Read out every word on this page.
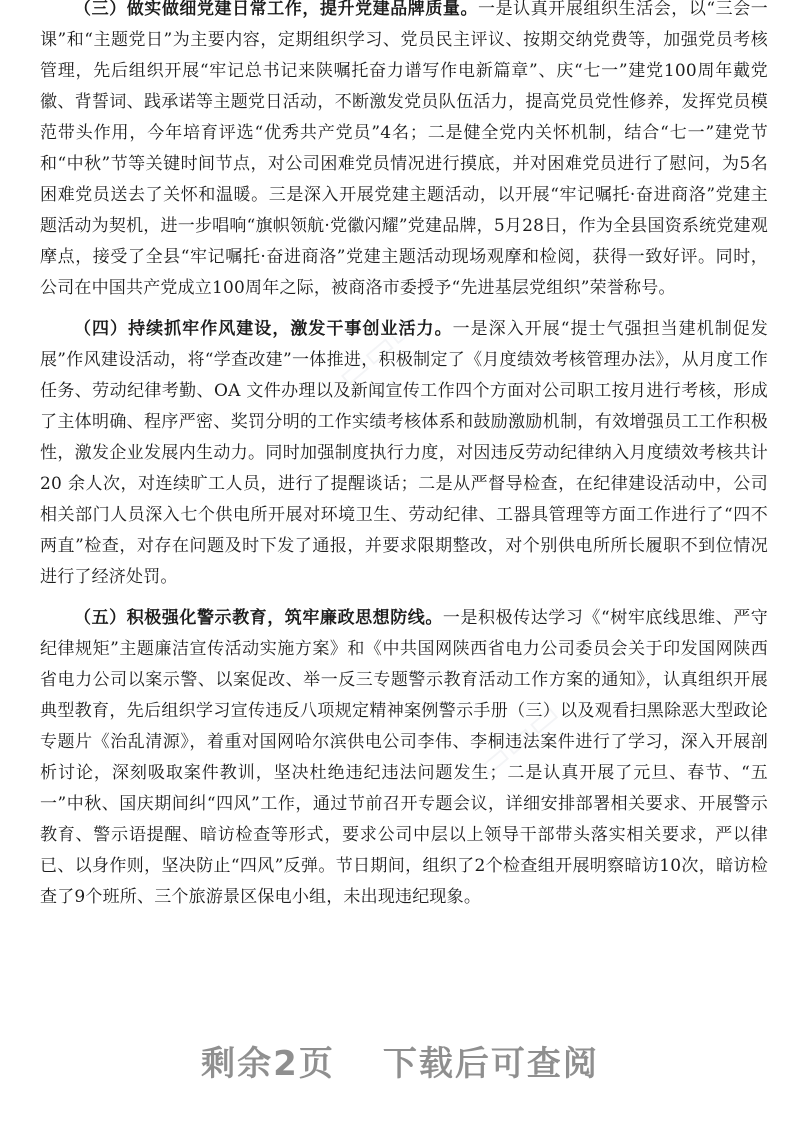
▭▭▭
▭▭▭

（三）做实做细党建日常工作，提升党建品牌质量。一是认真开展组织生活会，以“三会一课”和“主题党日”为主要内容，定期组织学习、党员民主评议、按期交纳党费等，加强党员考核管理，先后组织开展“牢记总书记来陕嘱托奋力谱写作电新篇章”、庆“七一”建党100周年戴党徽、背誓词、践承诺等主题党日活动，不断激发党员队伍活力，提高党员党性修养，发挥党员模范带头作用，今年培育评选“优秀共产党员”4名；二是健全党内关怀机制，结合“七一”建党节和“中秋”节等关键时间节点，对公司困难党员情况进行摸底，并对困难党员进行了慰问，为5名困难党员送去了关怀和温暖。三是深入开展党建主题活动，以开展“牢记嘱托·奋进商洛”党建主题活动为契机，进一步唱响“旗帜领航·党徽闪耀”党建品牌，5月28日，作为全县国资系统党建观摩点，接受了全县“牢记嘱托·奋进商洛”党建主题活动现场观摩和检阅，获得一致好评。同时，公司在中国共产党成立100周年之际，被商洛市委授予“先进基层党组织”荣誉称号。

（四）持续抓牢作风建设，激发干事创业活力。一是深入开展“提士气强担当建机制促发展”作风建设活动，将“学查改建”一体推进，积极制定了《月度绩效考核管理办法》，从月度工作任务、劳动纪律考勤、OA 文件办理以及新闻宣传工作四个方面对公司职工按月进行考核，形成了主体明确、程序严密、奖罚分明的工作实绩考核体系和鼓励激励机制，有效增强员工工作积极性，激发企业发展内生动力。同时加强制度执行力度，对因违反劳动纪律纳入月度绩效考核共计 20 余人次，对连续旷工人员，进行了提醒谈话；二是从严督导检查，在纪律建设活动中，公司相关部门人员深入七个供电所开展对环境卫生、劳动纪律、工器具管理等方面工作进行了“四不两直”检查，对存在问题及时下发了通报，并要求限期整改，对个别供电所所长履职不到位情况进行了经济处罚。

（五）积极强化警示教育，筑牢廉政思想防线。一是积极传达学习《“树牢底线思维、严守纪律规矩”主题廉洁宣传活动实施方案》和《中共国网陕西省电力公司委员会关于印发国网陕西省电力公司以案示警、以案促改、举一反三专题警示教育活动工作方案的通知》，认真组织开展典型教育，先后组织学习宣传违反八项规定精神案例警示手册（三）以及观看扫黑除恶大型政论专题片《治乱清源》，着重对国网哈尔滨供电公司李伟、李桐违法案件进行了学习，深入开展剖析讨论，深刻吸取案件教训，坚决杜绝违纪违法问题发生；二是认真开展了元旦、春节、“五一”中秋、国庆期间纠“四风”工作，通过节前召开专题会议，详细安排部署相关要求、开展警示教育、警示语提醒、暗访检查等形式，要求公司中层以上领导干部带头落实相关要求，严以律已、以身作则，坚决防止“四风”反弹。节日期间，组织了2个检查组开展明察暗访10次，暗访检查了9个班所、三个旅游景区保电小组，未出现违纪现象。

剩余2页 下载后可查阅
